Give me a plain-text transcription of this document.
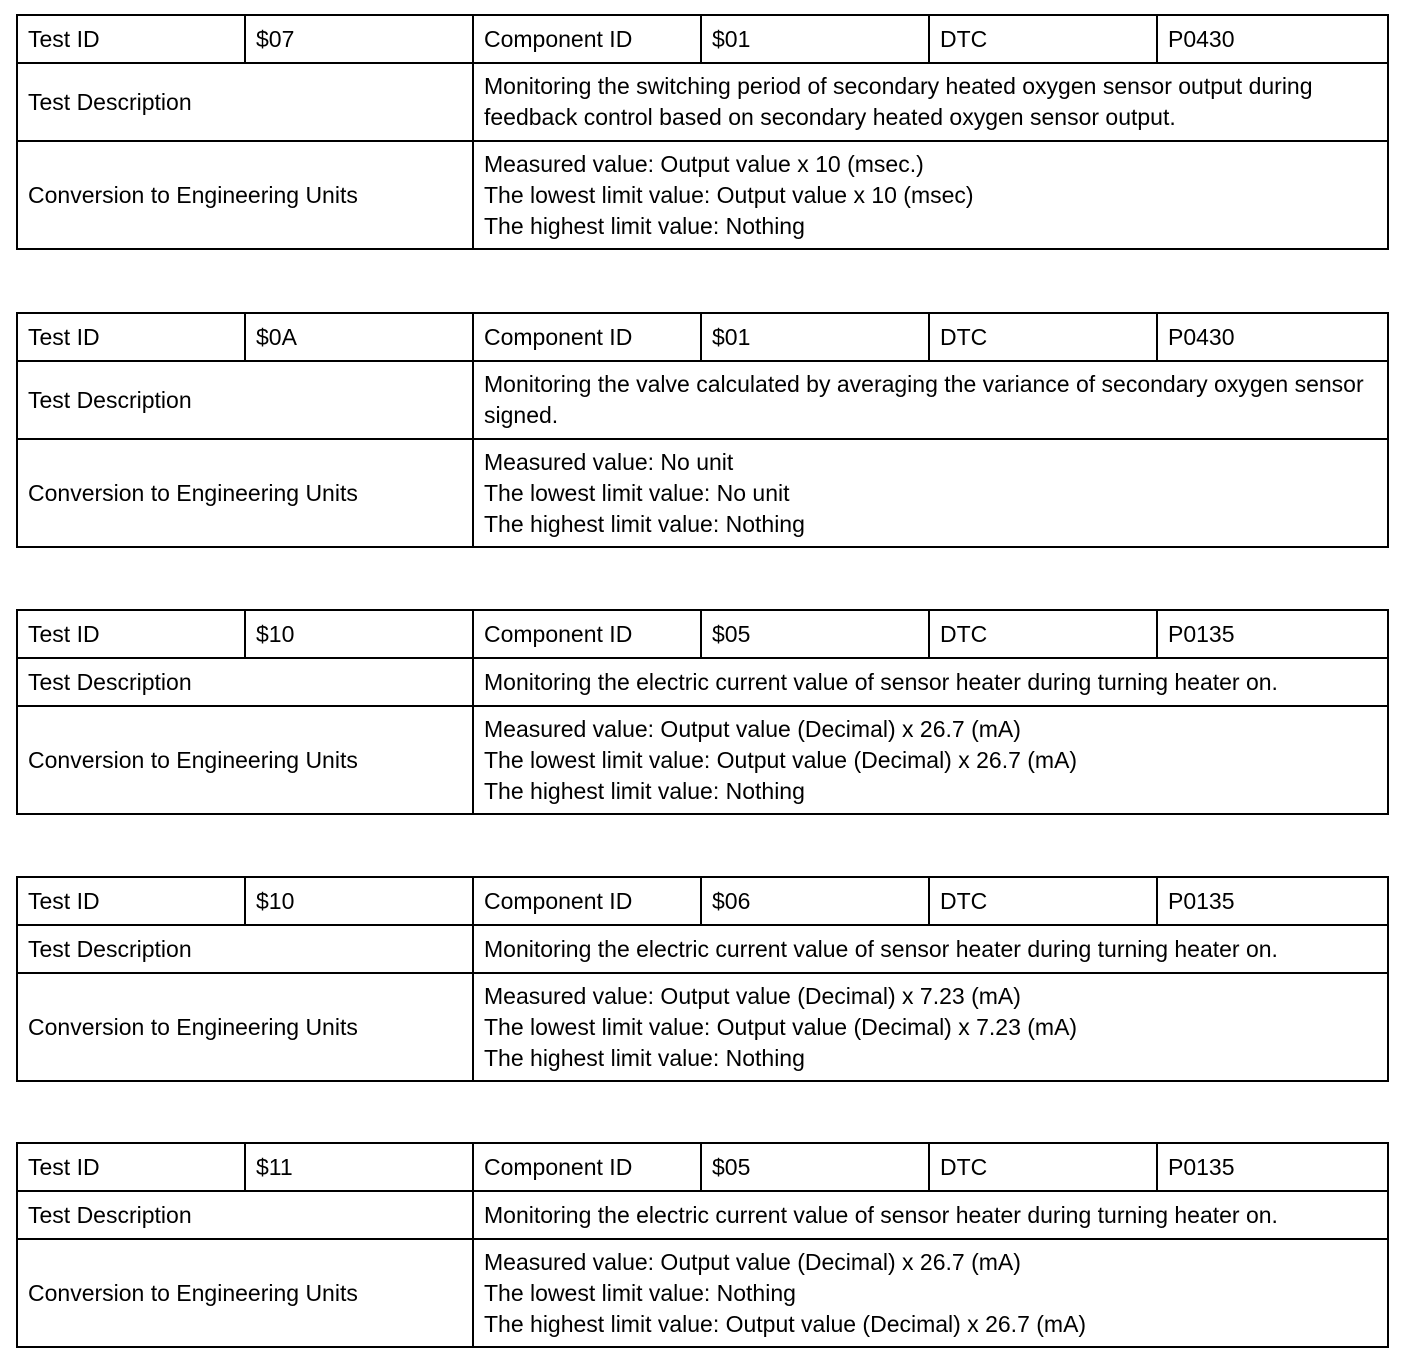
Test ID	$07	Component ID	$01	DTC	P0430
Test Description		Monitoring the switching period of secondary heated oxygen sensor output during feedback control based on secondary heated oxygen sensor output.			
Conversion to Engineering Units		Measured value: Output value x 10 (msec.)
The lowest limit value: Output value x 10 (msec)
The highest limit value: Nothing			
Test ID	$0A	Component ID	$01	DTC	P0430
Test Description		Monitoring the valve calculated by averaging the variance of secondary oxygen sensor signed.			
Conversion to Engineering Units		Measured value: No unit
The lowest limit value: No unit
The highest limit value: Nothing			
Test ID	$10	Component ID	$05	DTC	P0135
Test Description		Monitoring the electric current value of sensor heater during turning heater on.			
Conversion to Engineering Units		Measured value: Output value (Decimal) x 26.7 (mA)
The lowest limit value: Output value (Decimal) x 26.7 (mA)
The highest limit value: Nothing			
Test ID	$10	Component ID	$06	DTC	P0135
Test Description		Monitoring the electric current value of sensor heater during turning heater on.			
Conversion to Engineering Units		Measured value: Output value (Decimal) x 7.23 (mA)
The lowest limit value: Output value (Decimal) x 7.23 (mA)
The highest limit value: Nothing			
Test ID	$11	Component ID	$05	DTC	P0135
Test Description		Monitoring the electric current value of sensor heater during turning heater on.			
Conversion to Engineering Units		Measured value: Output value (Decimal) x 26.7 (mA)
The lowest limit value: Nothing
The highest limit value: Output value (Decimal) x 26.7 (mA)			
